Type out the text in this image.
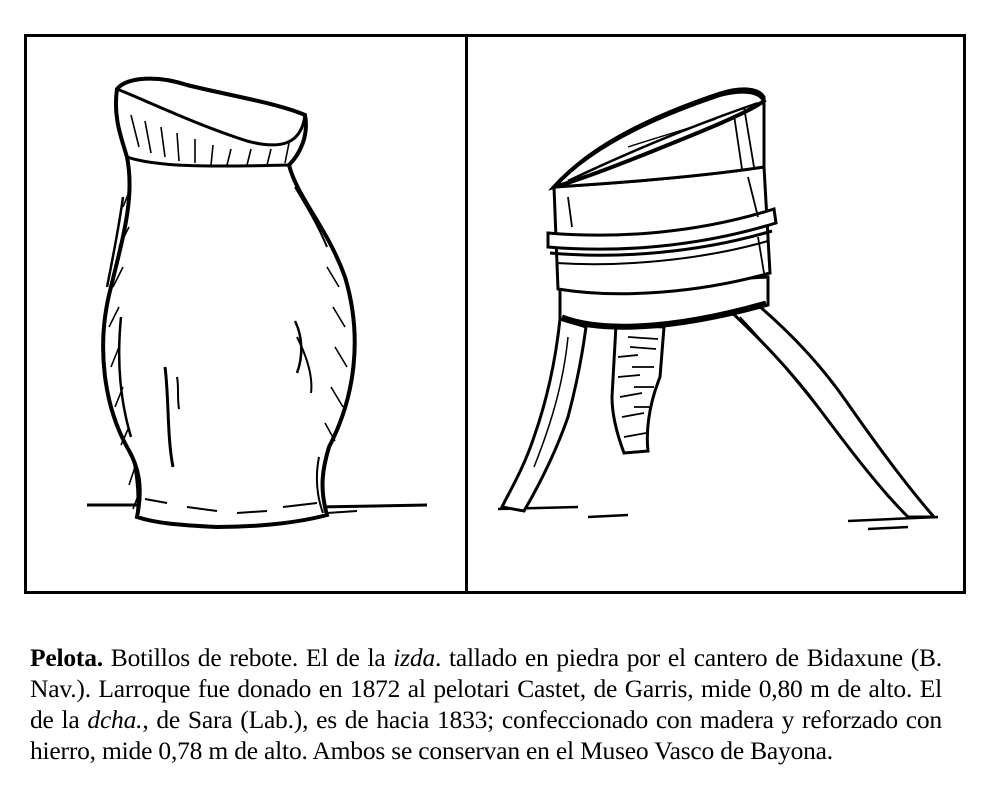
Pelota. Botillos de rebote. El de la izda. tallado en piedra por el cantero de Bidaxune (B. Nav.). Larroque fue donado en 1872 al pelotari Castet, de Garris, mide 0,80 m de alto. El de la dcha., de Sara (Lab.), es de hacia 1833; confeccionado con madera y reforzado con hierro, mide 0,78 m de alto. Ambos se conservan en el Museo Vasco de Bayona.
